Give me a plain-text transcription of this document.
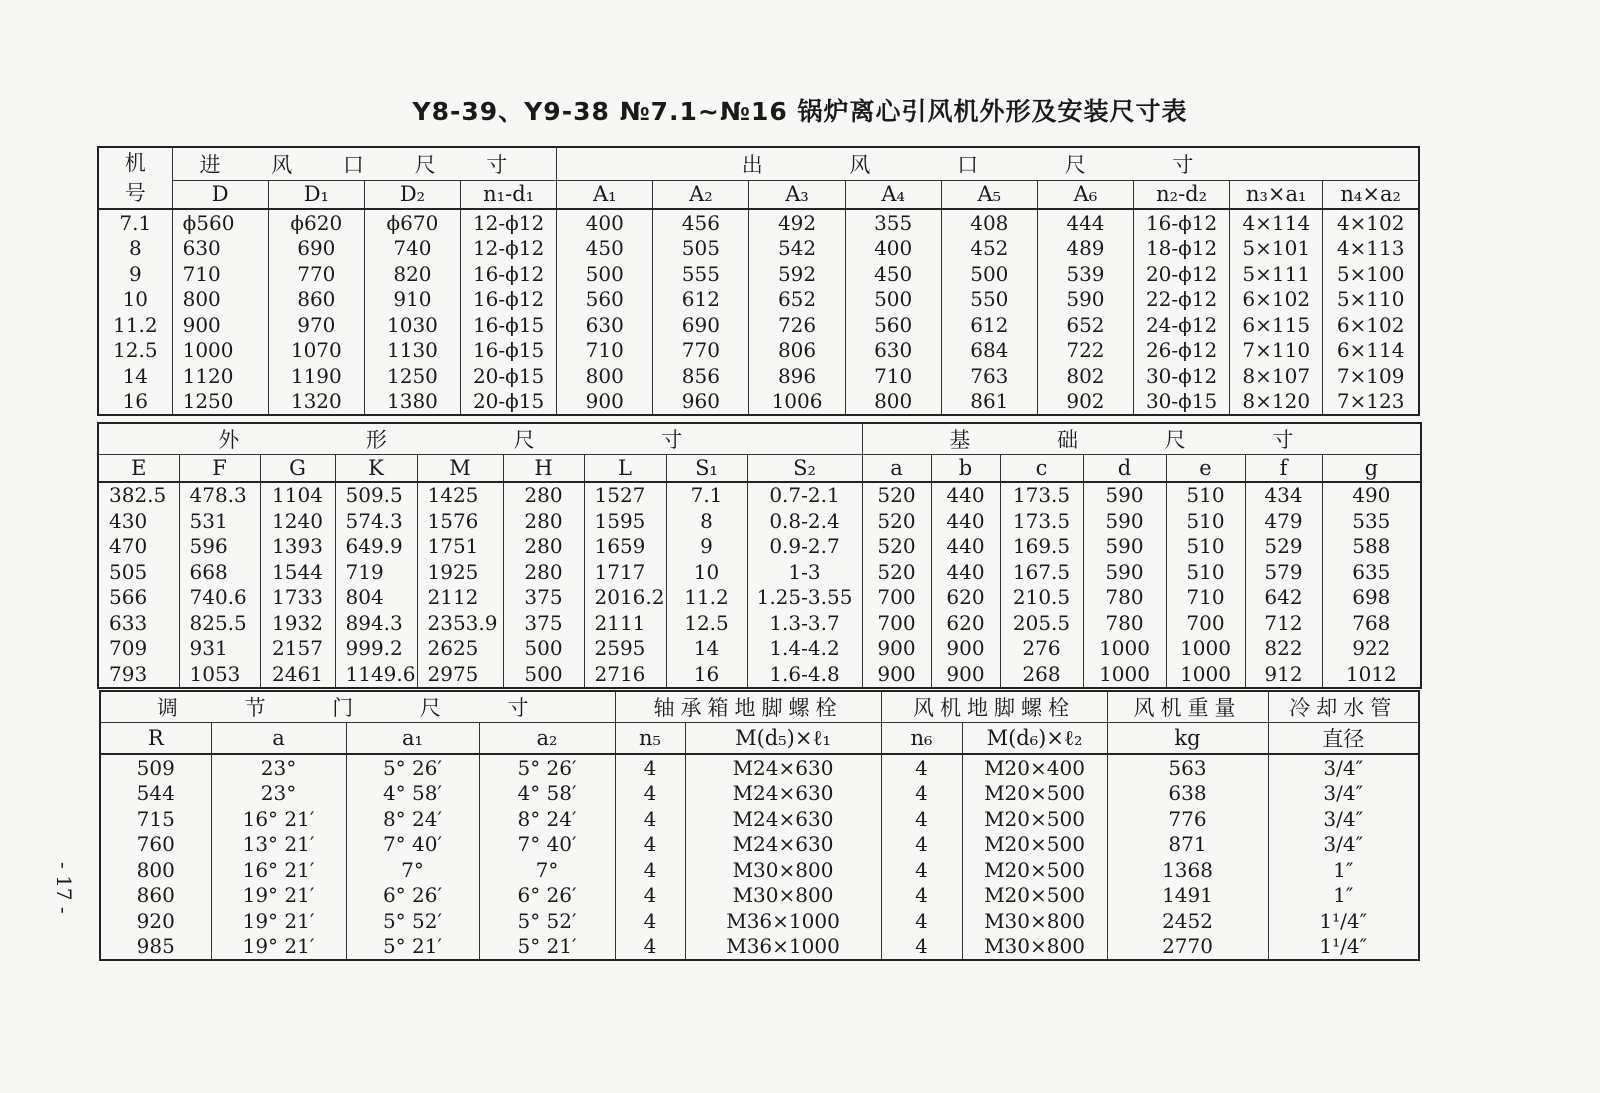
Y8-39、Y9-38 №7.1~№16 锅炉离心引风机外形及安装尺寸表
机号	进 风 口 尺 寸				出 风 口 尺 寸								
	D	D₁	D₂	n₁-d₁	A₁	A₂	A₃	A₄	A₅	A₆	n₂-d₂	n₃×a₁	n₄×a₂
7.1	ϕ560	ϕ620	ϕ670	12-ϕ12	400	456	492	355	408	444	16-ϕ12	4×114	4×102
8	630	690	740	12-ϕ12	450	505	542	400	452	489	18-ϕ12	5×101	4×113
9	710	770	820	16-ϕ12	500	555	592	450	500	539	20-ϕ12	5×111	5×100
10	800	860	910	16-ϕ12	560	612	652	500	550	590	22-ϕ12	6×102	5×110
11.2	900	970	1030	16-ϕ15	630	690	726	560	612	652	24-ϕ12	6×115	6×102
12.5	1000	1070	1130	16-ϕ15	710	770	806	630	684	722	26-ϕ12	7×110	6×114
14	1120	1190	1250	20-ϕ15	800	856	896	710	763	802	30-ϕ12	8×107	7×109
16	1250	1320	1380	20-ϕ15	900	960	1006	800	861	902	30-ϕ15	8×120	7×123
外 形 尺 寸									基 础 尺 寸						
E	F	G	K	M	H	L	S₁	S₂	a	b	c	d	e	f	g
382.5	478.3	1104	509.5	1425	280	1527	7.1	0.7-2.1	520	440	173.5	590	510	434	490
430	531	1240	574.3	1576	280	1595	8	0.8-2.4	520	440	173.5	590	510	479	535
470	596	1393	649.9	1751	280	1659	9	0.9-2.7	520	440	169.5	590	510	529	588
505	668	1544	719	1925	280	1717	10	1-3	520	440	167.5	590	510	579	635
566	740.6	1733	804	2112	375	2016.2	11.2	1.25-3.55	700	620	210.5	780	710	642	698
633	825.5	1932	894.3	2353.9	375	2111	12.5	1.3-3.7	700	620	205.5	780	700	712	768
709	931	2157	999.2	2625	500	2595	14	1.4-4.2	900	900	276	1000	1000	822	922
793	1053	2461	1149.6	2975	500	2716	16	1.6-4.8	900	900	268	1000	1000	912	1012
调 节 门 尺 寸				轴承箱地脚螺栓		风机地脚螺栓		风机重量	冷却水管
R	a	a₁	a₂	n₅	M(d₅)×ℓ₁	n₆	M(d₆)×ℓ₂	kg	直径
509	23°	5° 26′	5° 26′	4	M24×630	4	M20×400	563	3/4″
544	23°	4° 58′	4° 58′	4	M24×630	4	M20×500	638	3/4″
715	16° 21′	8° 24′	8° 24′	4	M24×630	4	M20×500	776	3/4″
760	13° 21′	7° 40′	7° 40′	4	M24×630	4	M20×500	871	3/4″
800	16° 21′	7°	7°	4	M30×800	4	M20×500	1368	1″
860	19° 21′	6° 26′	6° 26′	4	M30×800	4	M20×500	1491	1″
920	19° 21′	5° 52′	5° 52′	4	M36×1000	4	M30×800	2452	1¹/4″
985	19° 21′	5° 21′	5° 21′	4	M36×1000	4	M30×800	2770	1¹/4″
- 17 -
